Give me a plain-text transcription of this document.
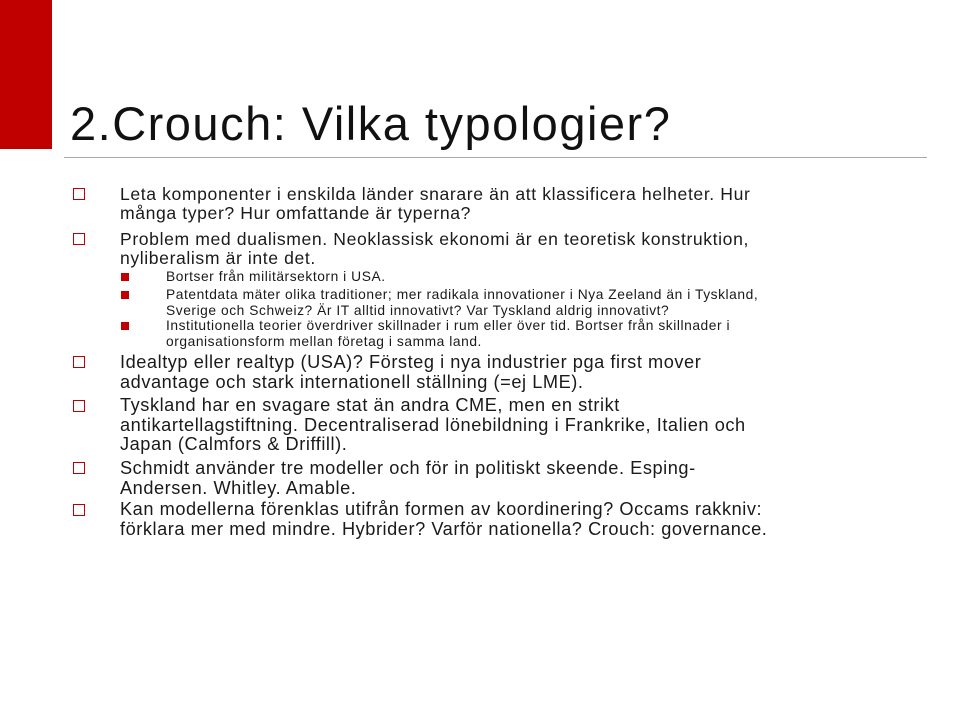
2.Crouch: Vilka typologier?
Leta komponenter i enskilda länder snarare än att klassificera helheter. Hur
många typer? Hur omfattande är typerna?
Problem med dualismen. Neoklassisk ekonomi är en teoretisk konstruktion,
nyliberalism är inte det.
Bortser från militärsektorn i USA.
Patentdata mäter olika traditioner; mer radikala innovationer i Nya Zeeland än i Tyskland,
Sverige och Schweiz? Är IT alltid innovativt? Var Tyskland aldrig innovativt?
Institutionella teorier överdriver skillnader i rum eller över tid. Bortser från skillnader i
organisationsform mellan företag i samma land.
Idealtyp eller realtyp (USA)? Försteg i nya industrier pga first mover
advantage och stark internationell ställning (=ej LME).
Tyskland har en svagare stat än andra CME, men en strikt
antikartellagstiftning. Decentraliserad lönebildning i Frankrike, Italien och
Japan (Calmfors & Driffill).
Schmidt använder tre modeller och för in politiskt skeende. Esping-
Andersen. Whitley. Amable.
Kan modellerna förenklas utifrån formen av koordinering? Occams rakkniv:
förklara mer med mindre. Hybrider? Varför nationella? Crouch: governance.
